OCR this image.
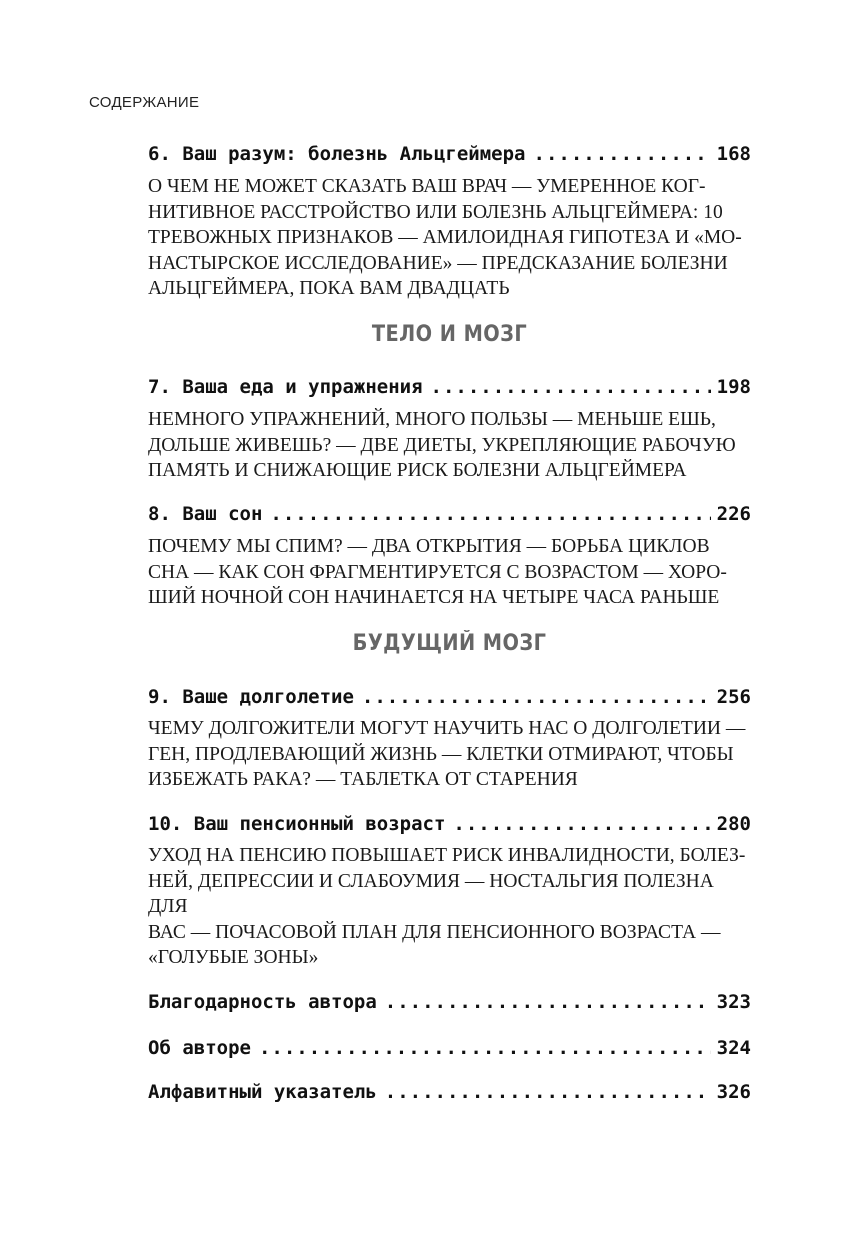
СОДЕРЖАНИЕ
6. Ваш разум: болезнь Альцгеймера .....	168
О ЧЕМ НЕ МОЖЕТ СКАЗАТЬ ВАШ ВРАЧ — УМЕРЕННОЕ КОГ-
НИТИВНОЕ РАССТРОЙСТВО ИЛИ БОЛЕЗНЬ АЛЬЦГЕЙМЕРА: 10
ТРЕВОЖНЫХ ПРИЗНАКОВ — АМИЛОИДНАЯ ГИПОТЕЗА И «МО-
НАСТЫРСКОЕ ИССЛЕДОВАНИЕ» — ПРЕДСКАЗАНИЕ БОЛЕЗНИ
АЛЬЦГЕЙМЕРА, ПОКА ВАМ ДВАДЦАТЬ
ТЕЛО И МОЗГ
7. Ваша еда и упражнения .....	198
НЕМНОГО УПРАЖНЕНИЙ, МНОГО ПОЛЬЗЫ — МЕНЬШЕ ЕШЬ,
ДОЛЬШЕ ЖИВЕШЬ? — ДВЕ ДИЕТЫ, УКРЕПЛЯЮЩИЕ РАБОЧУЮ
ПАМЯТЬ И СНИЖАЮЩИЕ РИСК БОЛЕЗНИ АЛЬЦГЕЙМЕРА
8. Ваш сон .....	226
ПОЧЕМУ МЫ СПИМ? — ДВА ОТКРЫТИЯ — БОРЬБА ЦИКЛОВ
СНА — КАК СОН ФРАГМЕНТИРУЕТСЯ С ВОЗРАСТОМ — ХОРО-
ШИЙ НОЧНОЙ СОН НАЧИНАЕТСЯ НА ЧЕТЫРЕ ЧАСА РАНЬШЕ
БУДУЩИЙ МОЗГ
9. Ваше долголетие .....	256
ЧЕМУ ДОЛГОЖИТЕЛИ МОГУТ НАУЧИТЬ НАС О ДОЛГОЛЕТИИ —
ГЕН, ПРОДЛЕВАЮЩИЙ ЖИЗНЬ — КЛЕТКИ ОТМИРАЮТ, ЧТОБЫ
ИЗБЕЖАТЬ РАКА? — ТАБЛЕТКА ОТ СТАРЕНИЯ
10. Ваш пенсионный возраст .....	280
УХОД НА ПЕНСИЮ ПОВЫШАЕТ РИСК ИНВАЛИДНОСТИ, БОЛЕЗ-
НЕЙ, ДЕПРЕССИИ И СЛАБОУМИЯ — НОСТАЛЬГИЯ ПОЛЕЗНА ДЛЯ
ВАС — ПОЧАСОВОЙ ПЛАН ДЛЯ ПЕНСИОННОГО ВОЗРАСТА —
«ГОЛУБЫЕ ЗОНЫ»
Благодарность автора .....	323
Об авторе .....	324
Алфавитный указатель .....	326
